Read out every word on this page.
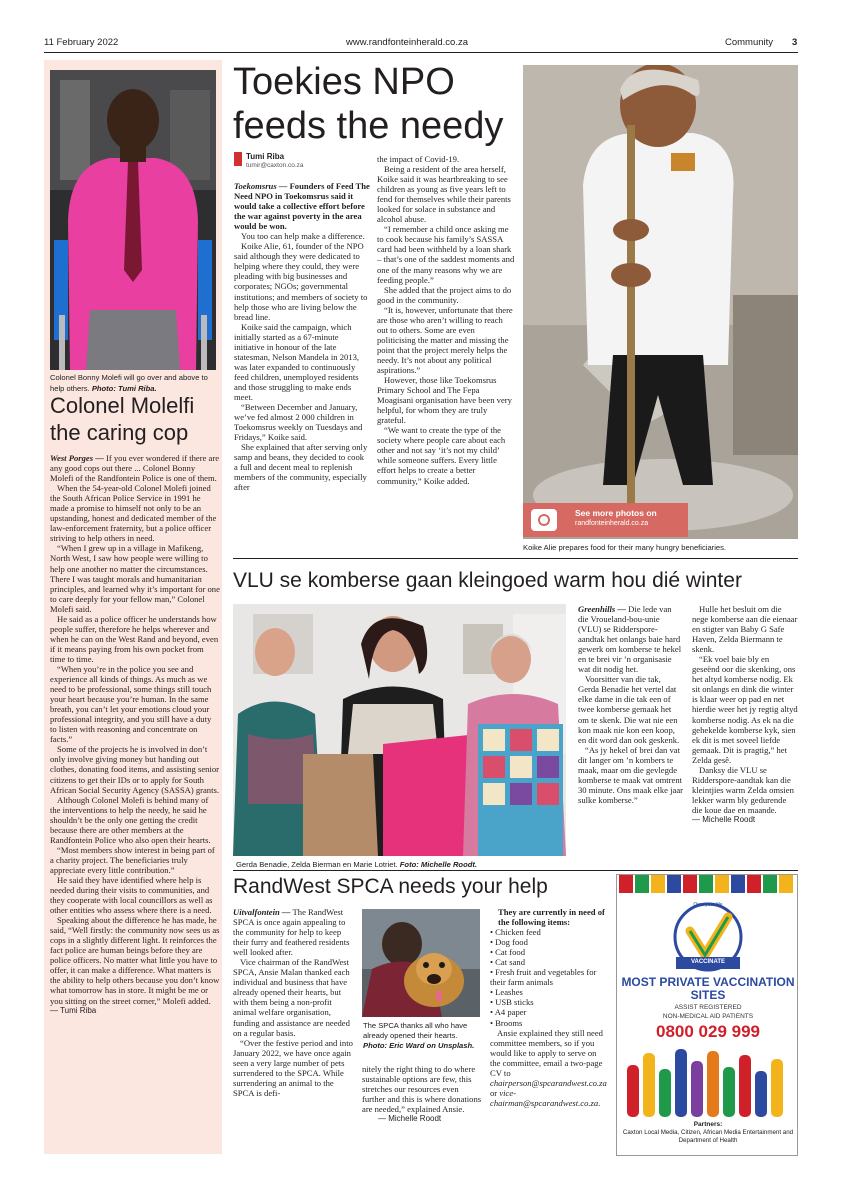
11 February 2022	www.randfonteinherald.co.za	Community 3
Colonel Bonny Molefi will go over and above to help others. Photo: Tumi Riba.
Colonel Molelfi the caring cop

West Porges — If you ever wondered if there are any good cops out there ... Colonel Bonny Molefi of the Randfontein Police is one of them.

When the 54-year-old Colonel Molefi joined the South African Police Service in 1991 he made a promise to himself not only to be an upstanding, honest and dedicated member of the law-enforcement fraternity, but a police officer striving to help others in need.

“When I grew up in a village in Mafikeng, North West, I saw how people were willing to help one another no matter the circumstances. There I was taught morals and humanitarian principles, and learned why it’s important for one to care deeply for your fellow man,” Colonel Molefi said.

He said as a police officer he understands how people suffer, therefore he helps wherever and when he can on the West Rand and beyond, even if it means paying from his own pocket from time to time.

“When you’re in the police you see and experience all kinds of things. As much as we need to be professional, some things still touch your heart because you’re human. In the same breath, you can’t let your emotions cloud your professional integrity, and you still have a duty to listen with reasoning and concentrate on facts.”

Some of the projects he is involved in don’t only involve giving money but handing out clothes, donating food items, and assisting senior citizens to get their IDs or to apply for South African Social Security Agency (SASSA) grants.

Although Colonel Molefi is behind many of the interventions to help the needy, he said he shouldn’t be the only one getting the credit because there are other members at the Randfontein Police who also open their hearts.

“Most members show interest in being part of a charity project. The beneficiaries truly appreciate every little contribution.”

He said they have identified where help is needed during their visits to communities, and they cooperate with local councillors as well as other entities who assess where there is a need.

Speaking about the difference he has made, he said, “Well firstly: the community now sees us as cops in a slightly different light. It reinforces the fact police are human beings before they are police officers. No matter what little you have to offer, it can make a difference. What matters is the ability to help others because you don’t know what tomorrow has in store. It might be me or you sitting on the street corner,” Molefi added.

— Tumi Riba

Toekies NPO feeds the needy
Tumi Riba
tumir@caxton.co.za

Toekomsrus — Founders of Feed The Need NPO in Toekomsrus said it would take a collective effort before the war against poverty in the area would be won.

You too can help make a difference.

Koike Alie, 61, founder of the NPO said although they were dedicated to helping where they could, they were pleading with big businesses and corporates; NGOs; governmental institutions; and members of society to help those who are living below the bread line.

Koike said the campaign, which initially started as a 67-minute initiative in honour of the late statesman, Nelson Mandela in 2013, was later expanded to continuously feed children, unemployed residents and those struggling to make ends meet.

“Between December and January, we’ve fed almost 2 000 children in Toekomsrus weekly on Tuesdays and Fridays,” Koike said.

She explained that after serving only samp and beans, they decided to cook a full and decent meal to replenish members of the community, especially after

the impact of Covid-19.

Being a resident of the area herself, Koike said it was heartbreaking to see children as young as five years left to fend for themselves while their parents looked for solace in substance and alcohol abuse.

“I remember a child once asking me to cook because his family’s SASSA card had been withheld by a loan shark – that’s one of the saddest moments and one of the many reasons why we are feeding people.”

She added that the project aims to do good in the community.

“It is, however, unfortunate that there are those who aren’t willing to reach out to others. Some are even politicising the matter and missing the point that the project merely helps the needy. It’s not about any political aspirations.”

However, those like Toekomsrus Primary School and The Fepa Moagisani organisation have been very helpful, for whom they are truly grateful.

“We want to create the type of the society where people care about each other and not say ‘it’s not my child’ while someone suffers. Every little effort helps to create a better community,” Koike added.

See more photos on
randfonteinherald.co.za
Koike Alie prepares food for their many hungry beneficiaries.
VLU se komberse gaan kleingoed warm hou dié winter
Gerda Benadie, Zelda Bierman en Marie Lotriet. Foto: Michelle Roodt.

Greenhills — Die lede van die Vroueland-bou-unie (VLU) se Ridderspore-aandtak het onlangs baie hard gewerk om komberse te hekel en te brei vir ’n organisasie wat dit nodig het.

Voorsitter van die tak, Gerda Benadie het vertel dat elke dame in die tak een of twee komberse gemaak het om te skenk. Die wat nie een kon maak nie kon een koop, en dit word dan ook geskenk.

“As jy hekel of brei dan vat dit langer om ’n kombers te maak, maar om die gevlegde komberse te maak vat omtrent 30 minute. Ons maak elke jaar sulke komberse.”

Hulle het besluit om die nege komberse aan die eienaar en stigter van Baby G Safe Haven, Zelda Biermann te skenk.

“Ek voel baie bly en geseënd oor die skenking, ons het altyd komberse nodig. Ek sit onlangs en dink die winter is klaar weer op pad en net hierdie weer het jy regtig altyd komberse nodig. As ek na die gehekelde komberse kyk, sien ek dit is met soveel liefde gemaak. Dit is pragtig,” het Zelda gesê.

Danksy die VLU se Ridderspore-aandtak kan die kleintjies warm Zelda omsien lekker warm bly gedurende die koue dae en maande.

— Michelle Roodt

RandWest SPCA needs your help

Uitvalfontein — The RandWest SPCA is once again appealing to the community for help to keep their furry and feathered residents well looked after.

Vice chairman of the RandWest SPCA, Ansie Malan thanked each individual and business that have already opened their hearts, but with them being a non-profit animal welfare organisation, funding and assistance are needed on a regular basis.

“Over the festive period and into January 2022, we have once again seen a very large number of pets surrendered to the SPCA. While surrendering an animal to the SPCA is defi-

The SPCA thanks all who have already opened their hearts. Photo: Eric Ward on Unsplash.

nitely the right thing to do where sustainable options are few, this stretches our resources even further and this is where donations are needed,” explained Ansie.

— Michelle Roodt

They are currently in need of the following items:

• Chicken feed

• Dog food

• Cat food

• Cat sand

• Fresh fruit and vegetables for their farm animals

• Leashes

• USB sticks

• A4 paper

• Brooms

Ansie explained they still need committee members, so if you would like to apply to serve on the committee, email a two-page CV to chairperson@spcarandwest.co.za or vice-chairman@spcarandwest.co.za.

Own your life
VACCINATE
MOST PRIVATE VACCINATION SITES
ASSIST REGISTERED
NON-MEDICAL AID PATIENTS
0800 029 999
Partners:
Caxton Local Media, Citizen, African Media Entertainment and Department of Health
